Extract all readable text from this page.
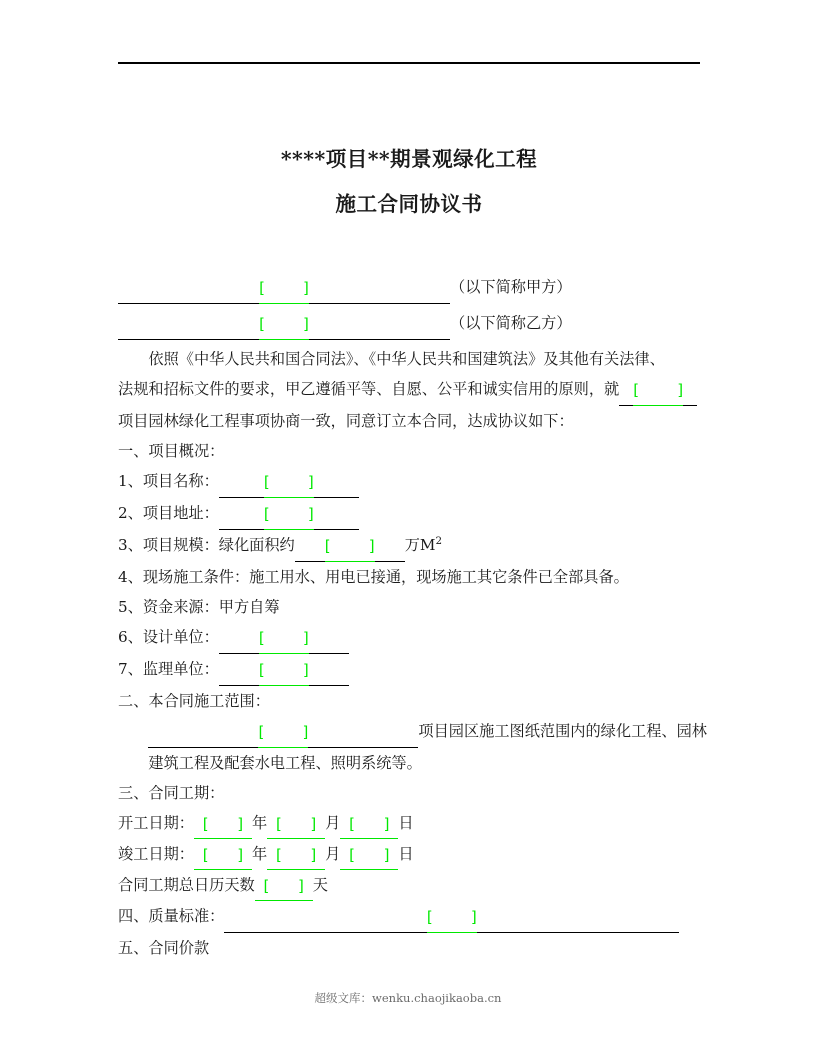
****项目**期景观绿化工程
施工合同协议书
[        ]	（以下简称甲方）
[        ]	（以下简称乙方）
依照《中华人民共和国合同法》、《中华人民共和国建筑法》及其他有关法律、
法规和招标文件的要求，甲乙遵循平等、自愿、公平和诚实信用的原则，就 [        ]
项目园林绿化工程事项协商一致，同意订立本合同，达成协议如下：
一、项目概况：
1、项目名称：	[        ]
2、项目地址：	[        ]
3、项目规模：绿化面积约 [        ] 万$M^2$
4、现场施工条件：施工用水、用电已接通，现场施工其它条件已全部具备。
5、资金来源：甲方自筹
6、设计单位：	[        ]
7、监理单位：	[        ]
二、本合同施工范围：
[        ]	项目园区施工图纸范围内的绿化工程、园林
建筑工程及配套水电工程、照明系统等。
三、合同工期：
开工日期： [      ] 年 [      ] 月 [      ] 日
竣工日期： [      ] 年 [      ] 月 [      ] 日
合同工期总日历天数 [      ] 天
四、质量标准：	[        ]
五、合同价款
超级文库：wenku.chaojikaoba.cn
